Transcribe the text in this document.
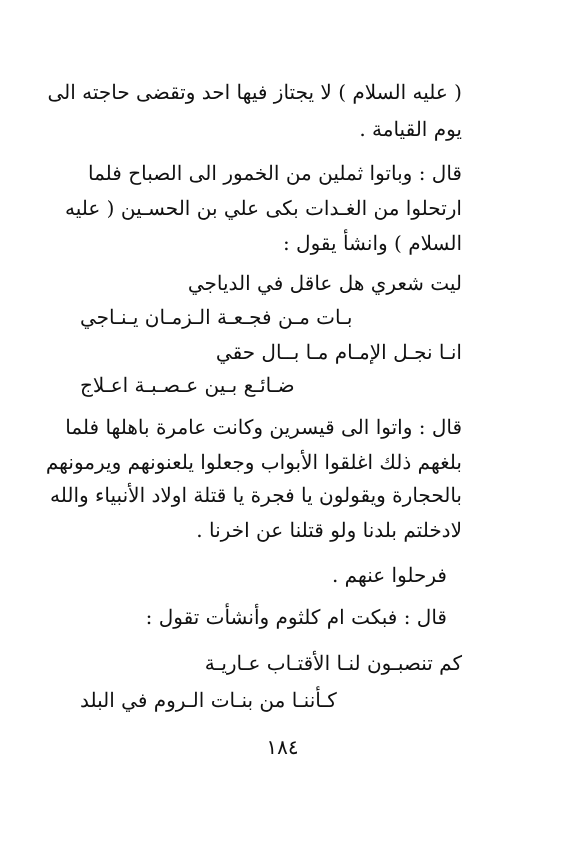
( عليه السلام ) لا يجتاز فيها احد وتقضى حاجته الى
يوم القيامة .
قال : وباتوا ثملين من الخمور الى الصباح فلما
ارتحلوا من الغـدات بكى علي بن الحسـين ( عليه
السلام ) وانشأ يقول :
ليت شعري هل عاقل في الدياجي
بـات مـن فجـعـة الـزمـان يـنـاجي
انـا نجـل الإمـام مـا بــال حقي
ضـائـع بـين عـصـبـة اعـلاج
قال : واتوا الى قيسرين وكانت عامرة باهلها فلما
بلغهم ذلك اغلقوا الأبواب وجعلوا يلعنونهم ويرمونهم
بالحجارة ويقولون يا فجرة يا قتلة اولاد الأنبياء والله
لادخلتم بلدنا ولو قتلنا عن اخرنا .
فرحلوا عنهم .
قال : فبكت ام كلثوم وأنشأت تقول :
كم تنصبـون لنـا الأقتـاب عـاريـة
كـأننـا من بنـات الـروم في البلد
١٨٤
